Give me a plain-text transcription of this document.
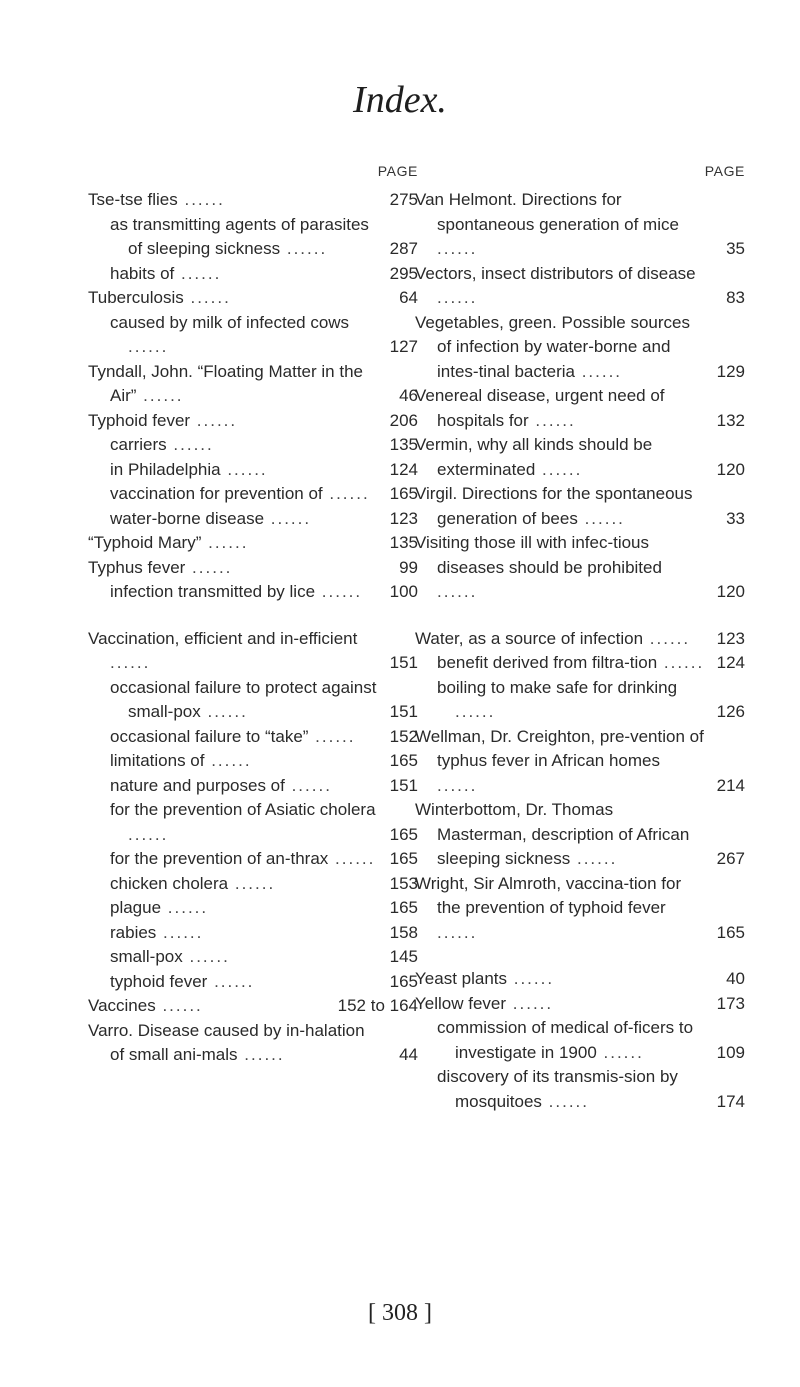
Index.
PAGE
Tse-tse flies ......	275
as transmitting agents of parasites of sleeping sickness ......	287
habits of ......	295
Tuberculosis ......	64
caused by milk of infected cows ......	127
Tyndall, John. “Floating Matter in the Air” ......	46
Typhoid fever ......	206
carriers ......	135
in Philadelphia ......	124
vaccination for prevention of ...... 165
water-borne disease ......	123
“Typhoid Mary” ......	135
Typhus fever ......	99
infection transmitted by lice ...... 100
Vaccination, efficient and in-efficient ......	151
occasional failure to protect against small-pox ......	151
occasional failure to “take” ...... 152
limitations of ......	165
nature and purposes of ......	151
for the prevention of Asiatic cholera ......	165
for the prevention of an-thrax ...... 165
chicken cholera ......	153
plague ......	165
rabies ......	158
small-pox ......	145
typhoid fever ......	165
Vaccines ......	152 to 164
Varro. Disease caused by in-halation of small ani-mals ......	44
PAGE
Van Helmont. Directions for spontaneous generation of mice ......	35
Vectors, insect distributors of disease ......	83
Vegetables, green. Possible sources of infection by water-borne and intes-tinal bacteria ......	129
Venereal disease, urgent need of hospitals for ......	132
Vermin, why all kinds should be exterminated ......	120
Virgil. Directions for the spontaneous generation of bees ......	33
Visiting those ill with infec-tious diseases should be prohibited ......	120
Water, as a source of infection ...... 123
benefit derived from filtra-tion ...... 124
boiling to make safe for drinking ......	126
Wellman, Dr. Creighton, pre-vention of typhus fever in African homes ......	214
Winterbottom, Dr. Thomas Masterman, description of African sleeping sickness ......	267
Wright, Sir Almroth, vaccina-tion for the prevention of typhoid fever ......	165
Yeast plants ......	40
Yellow fever ......	173
commission of medical of-ficers to investigate in 1900 ......	109
discovery of its transmis-sion by mosquitoes ......	174
[ 308 ]
